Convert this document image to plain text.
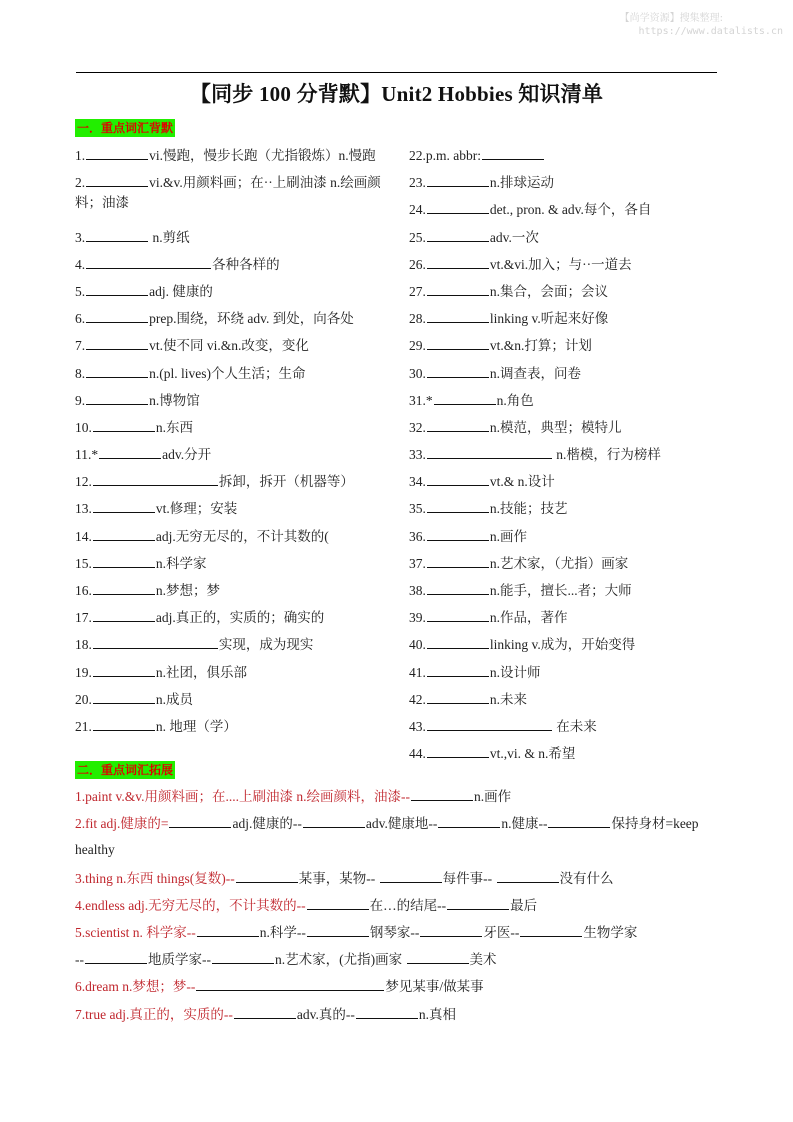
【尚学资源】搜集整理:
https://www.datalists.cn
【同步 100 分背默】Unit2 Hobbies 知识清单
一．重点词汇背默
1.	vi.慢跑，慢步长跑（尤指锻炼）n.慢跑
2.	vi.&v.用颜料画；在··上刷油漆 n.绘画颜料；油漆
3.	n.剪纸
4.	各种各样的
5.	adj. 健康的
6.	prep.围绕，环绕 adv. 到处，向各处
7.	vt.使不同 vi.&n.改变，变化
8.	n.(pl. lives)个人生活；生命
9.	n.博物馆
10.	n.东西
11.*	adv.分开
12.	拆卸，拆开（机器等）
13.	vt.修理；安装
14.	adj.无穷无尽的，不计其数的(
15.	n.科学家
16.	n.梦想；梦
17.	adj.真正的，实质的；确实的
18.	实现，成为现实
19.	n.社团，俱乐部
20.	n.成员
21.	n. 地理（学）
22.p.m. abbr:
23.	n.排球运动
24.	det., pron. & adv.每个，各自
25.	adv.一次
26.	vt.&vi.加入；与··一道去
27.	n.集合，会面；会议
28.	linking v.听起来好像
29.	vt.&n.打算；计划
30.	n.调查表，问卷
31.*	n.角色
32.	n.模范，典型；模特儿
33.	n.楷模，行为榜样
34.	vt.& n.设计
35.	n.技能；技艺
36.	n.画作
37.	n.艺术家，（尤指）画家
38.	n.能手，擅长...者；大师
39.	n.作品，著作
40.	linking v.成为，开始变得
41.	n.设计师
42.	n.未来
43.	在未来
44.	vt.,vi. & n.希望
二．重点词汇拓展
1.paint v.&v.用颜料画；在....上刷油漆 n.绘画颜料，油漆--	n.画作
2.fit adj.健康的=	adj.健康的--	adv.健康地--	n.健康--	保持身材=keep
healthy
3.thing n.东西 things(复数)--	某事，某物--	每件事--	没有什么
4.endless adj.无穷无尽的，不计其数的--	在…的结尾--	最后
5.scientist n. 科学家--	n.科学--	钢琴家--	牙医--	生物学家
--	地质学家--	n.艺术家，(尤指)画家	美术
6.dream n.梦想；梦--	梦见某事/做某事
7.true adj.真正的，实质的--	adv.真的--	n.真相
